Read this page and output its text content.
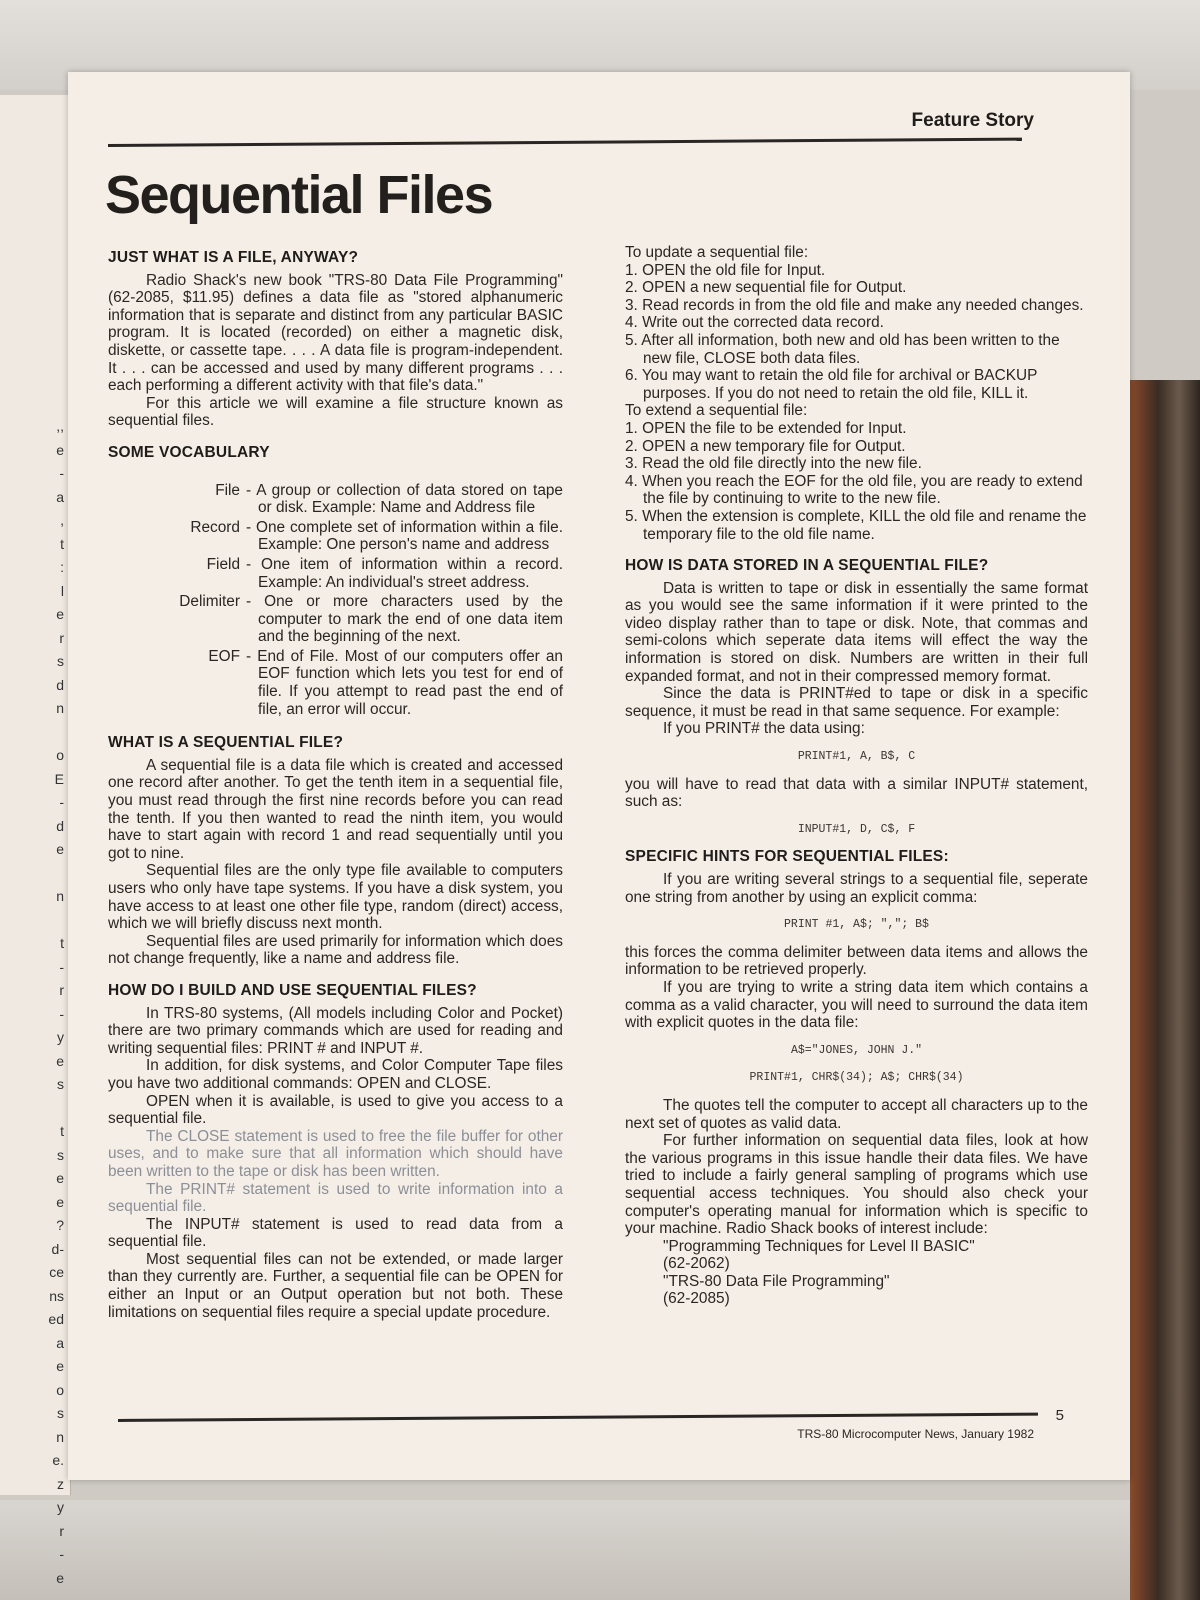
,,
e
-
a
,
t
:
l
e
r
s
d
n

o
E
-
d
e

n

t
-
r
-
y
e
s

t
s
e
e
?
d-
ce
ns
ed
a
e
o
s
n
e.
z
y
r
-
e
Feature Story
Sequential Files
JUST WHAT IS A FILE, ANYWAY?

Radio Shack's new book "TRS-80 Data File Programming" (62-2085, $11.95) defines a data file as "stored alphanumeric information that is separate and distinct from any particular BASIC program. It is located (recorded) on either a magnetic disk, diskette, or cassette tape. . . . A data file is program-independent. It . . . can be accessed and used by many different programs . . . each performing a different activity with that file's data."

For this article we will examine a file structure known as sequential files.

SOME VOCABULARY
File - A group or collection of data stored on tape or disk. Example: Name and Address file
Record - One complete set of information within a file. Example: One person's name and address
Field - One item of information within a record. Example: An individual's street address.
Delimiter - One or more characters used by the computer to mark the end of one data item and the beginning of the next.
EOF - End of File. Most of our computers offer an EOF function which lets you test for end of file. If you attempt to read past the end of file, an error will occur.
WHAT IS A SEQUENTIAL FILE?

A sequential file is a data file which is created and accessed one record after another. To get the tenth item in a sequential file, you must read through the first nine records before you can read the tenth. If you then wanted to read the ninth item, you would have to start again with record 1 and read sequentially until you got to nine.

Sequential files are the only type file available to computers users who only have tape systems. If you have a disk system, you have access to at least one other file type, random (direct) access, which we will briefly discuss next month.

Sequential files are used primarily for information which does not change frequently, like a name and address file.

HOW DO I BUILD AND USE SEQUENTIAL FILES?

In TRS-80 systems, (All models including Color and Pocket) there are two primary commands which are used for reading and writing sequential files: PRINT # and INPUT #.

In addition, for disk systems, and Color Computer Tape files you have two additional commands: OPEN and CLOSE.

OPEN when it is available, is used to give you access to a sequential file.

The CLOSE statement is used to free the file buffer for other uses, and to make sure that all information which should have been written to the tape or disk has been written.

The PRINT# statement is used to write information into a sequential file.

The INPUT# statement is used to read data from a sequential file.

Most sequential files can not be extended, or made larger than they currently are. Further, a sequential file can be OPEN for either an Input or an Output operation but not both. These limitations on sequential files require a special update procedure.

To update a sequential file:

1. OPEN the old file for Input.
2. OPEN a new sequential file for Output.
3. Read records in from the old file and make any needed changes.
4. Write out the corrected data record.
5. After all information, both new and old has been written to the new file, CLOSE both data files.
6. You may want to retain the old file for archival or BACKUP purposes. If you do not need to retain the old file, KILL it.

To extend a sequential file:

1. OPEN the file to be extended for Input.
2. OPEN a new temporary file for Output.
3. Read the old file directly into the new file.
4. When you reach the EOF for the old file, you are ready to extend the file by continuing to write to the new file.
5. When the extension is complete, KILL the old file and rename the temporary file to the old file name.
HOW IS DATA STORED IN A SEQUENTIAL FILE?

Data is written to tape or disk in essentially the same format as you would see the same information if it were printed to the video display rather than to tape or disk. Note, that commas and semi-colons which seperate data items will effect the way the information is stored on disk. Numbers are written in their full expanded format, and not in their compressed memory format.

Since the data is PRINT#ed to tape or disk in a specific sequence, it must be read in that same sequence. For example:

If you PRINT# the data using:

PRINT#1, A, B$, C

you will have to read that data with a similar INPUT# statement, such as:

INPUT#1, D, C$, F
SPECIFIC HINTS FOR SEQUENTIAL FILES:

If you are writing several strings to a sequential file, seperate one string from another by using an explicit comma:

PRINT #1, A$; ","; B$

this forces the comma delimiter between data items and allows the information to be retrieved properly.

If you are trying to write a string data item which contains a comma as a valid character, you will need to surround the data item with explicit quotes in the data file:

A$="JONES, JOHN J."
PRINT#1, CHR$(34); A$; CHR$(34)

The quotes tell the computer to accept all characters up to the next set of quotes as valid data.

For further information on sequential data files, look at how the various programs in this issue handle their data files. We have tried to include a fairly general sampling of programs which use sequential access techniques. You should also check your computer's operating manual for information which is specific to your machine. Radio Shack books of interest include:

"Programming Techniques for Level II BASIC"

(62-2062)

"TRS-80 Data File Programming"

(62-2085)

5
TRS-80 Microcomputer News, January 1982
